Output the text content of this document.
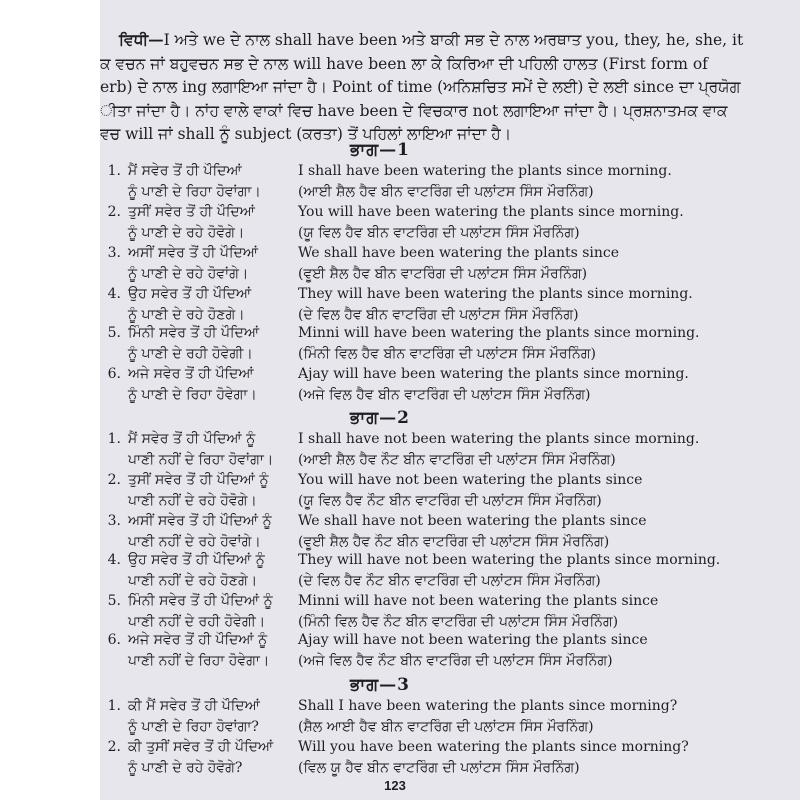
ਵਿਧੀ—I ਅਤੇ we ਦੇ ਨਾਲ shall have been ਅਤੇ ਬਾਕੀ ਸਭ ਦੇ ਨਾਲ ਅਰਥਾਤ you, they, he, she, it
ਕ ਵਚਨ ਜਾਂ ਬਹੁਵਚਨ ਸਭ ਦੇ ਨਾਲ will have been ਲਾ ਕੇ ਕਿਰਿਆ ਦੀ ਪਹਿਲੀ ਹਾਲਤ (First form of
erb) ਦੇ ਨਾਲ ing ਲਗਾਇਆ ਜਾਂਦਾ ਹੈ। Point of time (ਅਨਿਸ਼ਚਿਤ ਸਮੇਂ ਦੇ ਲਈ) ਦੇ ਲਈ since ਦਾ ਪ੍ਰਯੋਗ
ੀਤਾ ਜਾਂਦਾ ਹੈ। ਨਾਂਹ ਵਾਲੇ ਵਾਕਾਂ ਵਿਚ have been ਦੇ ਵਿਚਕਾਰ not ਲਗਾਇਆ ਜਾਂਦਾ ਹੈ। ਪ੍ਰਸ਼ਨਾਤਮਕ ਵਾਕ
ਵਚ will ਜਾਂ shall ਨੂੰ subject (ਕਰਤਾ) ਤੋਂ ਪਹਿਲਾਂ ਲਾਇਆ ਜਾਂਦਾ ਹੈ।
ਭਾਗ—1
1. ਮੈਂ ਸਵੇਰ ਤੋਂ ਹੀ ਪੌਦਿਆਂ	I shall have been watering the plants since morning.
ਨੂੰ ਪਾਣੀ ਦੇ ਰਿਹਾ ਹੋਵਾਂਗਾ।	(ਆਈ ਸ਼ੈਲ ਹੈਵ ਬੀਨ ਵਾਟਰਿੰਗ ਦੀ ਪਲਾਂਟਸ ਸਿੰਸ ਮੌਰਨਿੰਗ)
2. ਤੁਸੀਂ ਸਵੇਰ ਤੋਂ ਹੀ ਪੌਦਿਆਂ	You will have been watering the plants since morning.
ਨੂੰ ਪਾਣੀ ਦੇ ਰਹੇ ਹੋਵੋਗੇ।	(ਯੂ ਵਿਲ ਹੈਵ ਬੀਨ ਵਾਟਰਿੰਗ ਦੀ ਪਲਾਂਟਸ ਸਿੰਸ ਮੌਰਨਿੰਗ)
3. ਅਸੀਂ ਸਵੇਰ ਤੋਂ ਹੀ ਪੌਦਿਆਂ	We shall have been watering the plants since
ਨੂੰ ਪਾਣੀ ਦੇ ਰਹੇ ਹੋਵਾਂਗੇ।	(ਵੂਈ ਸ਼ੈਲ ਹੈਵ ਬੀਨ ਵਾਟਰਿੰਗ ਦੀ ਪਲਾਂਟਸ ਸਿੰਸ ਮੌਰਨਿੰਗ)
4. ਉਹ ਸਵੇਰ ਤੋਂ ਹੀ ਪੌਦਿਆਂ	They will have been watering the plants since morning.
ਨੂੰ ਪਾਣੀ ਦੇ ਰਹੇ ਹੋਣਗੇ।	(ਦੇ ਵਿਲ ਹੈਵ ਬੀਨ ਵਾਟਰਿੰਗ ਦੀ ਪਲਾਂਟਸ ਸਿੰਸ ਮੌਰਨਿੰਗ)
5. ਮਿੰਨੀ ਸਵੇਰ ਤੋਂ ਹੀ ਪੌਦਿਆਂ	Minni will have been watering the plants since morning.
ਨੂੰ ਪਾਣੀ ਦੇ ਰਹੀ ਹੋਵੇਗੀ।	(ਮਿੰਨੀ ਵਿਲ ਹੈਵ ਬੀਨ ਵਾਟਰਿੰਗ ਦੀ ਪਲਾਂਟਸ ਸਿੰਸ ਮੌਰਨਿੰਗ)
6. ਅਜੇ ਸਵੇਰ ਤੋਂ ਹੀ ਪੌਦਿਆਂ	Ajay will have been watering the plants since morning.
ਨੂੰ ਪਾਣੀ ਦੇ ਰਿਹਾ ਹੋਵੇਗਾ।	(ਅਜੇ ਵਿਲ ਹੈਵ ਬੀਨ ਵਾਟਰਿੰਗ ਦੀ ਪਲਾਂਟਸ ਸਿੰਸ ਮੌਰਨਿੰਗ)
ਭਾਗ—2
1. ਮੈਂ ਸਵੇਰ ਤੋਂ ਹੀ ਪੌਦਿਆਂ ਨੂੰ	I shall have not been watering the plants since morning.
ਪਾਣੀ ਨਹੀਂ ਦੇ ਰਿਹਾ ਹੋਵਾਂਗਾ। (ਆਈ ਸ਼ੈਲ ਹੈਵ ਨੌਟ ਬੀਨ ਵਾਟਰਿੰਗ ਦੀ ਪਲਾਂਟਸ ਸਿੰਸ ਮੌਰਨਿੰਗ)
2. ਤੁਸੀਂ ਸਵੇਰ ਤੋਂ ਹੀ ਪੌਦਿਆਂ ਨੂੰ You will have not been watering the plants since
ਪਾਣੀ ਨਹੀਂ ਦੇ ਰਹੇ ਹੋਵੋਗੇ।	(ਯੂ ਵਿਲ ਹੈਵ ਨੌਟ ਬੀਨ ਵਾਟਰਿੰਗ ਦੀ ਪਲਾਂਟਸ ਸਿੰਸ ਮੌਰਨਿੰਗ)
3. ਅਸੀਂ ਸਵੇਰ ਤੋਂ ਹੀ ਪੌਦਿਆਂ ਨੂੰ We shall have not been watering the plants since
ਪਾਣੀ ਨਹੀਂ ਦੇ ਰਹੇ ਹੋਵਾਂਗੇ।	(ਵੂਈ ਸ਼ੈਲ ਹੈਵ ਨੌਟ ਬੀਨ ਵਾਟਰਿੰਗ ਦੀ ਪਲਾਂਟਸ ਸਿੰਸ ਮੌਰਨਿੰਗ)
4. ਉਹ ਸਵੇਰ ਤੋਂ ਹੀ ਪੌਦਿਆਂ ਨੂੰ They will have not been watering the plants since morning.
ਪਾਣੀ ਨਹੀਂ ਦੇ ਰਹੇ ਹੋਣਗੇ।	(ਦੇ ਵਿਲ ਹੈਵ ਨੌਟ ਬੀਨ ਵਾਟਰਿੰਗ ਦੀ ਪਲਾਂਟਸ ਸਿੰਸ ਮੌਰਨਿੰਗ)
5. ਮਿੰਨੀ ਸਵੇਰ ਤੋਂ ਹੀ ਪੌਦਿਆਂ ਨੂੰ Minni will have not been watering the plants since
ਪਾਣੀ ਨਹੀਂ ਦੇ ਰਹੀ ਹੋਵੇਗੀ। (ਮਿੰਨੀ ਵਿਲ ਹੈਵ ਨੌਟ ਬੀਨ ਵਾਟਰਿੰਗ ਦੀ ਪਲਾਂਟਸ ਸਿੰਸ ਮੌਰਨਿੰਗ)
6. ਅਜੇ ਸਵੇਰ ਤੋਂ ਹੀ ਪੌਦਿਆਂ ਨੂੰ Ajay will have not been watering the plants since
ਪਾਣੀ ਨਹੀਂ ਦੇ ਰਿਹਾ ਹੋਵੇਗਾ। (ਅਜੇ ਵਿਲ ਹੈਵ ਨੌਟ ਬੀਨ ਵਾਟਰਿੰਗ ਦੀ ਪਲਾਂਟਸ ਸਿੰਸ ਮੌਰਨਿੰਗ)
ਭਾਗ—3
1. ਕੀ ਮੈਂ ਸਵੇਰ ਤੋਂ ਹੀ ਪੌਦਿਆਂ	Shall I have been watering the plants since morning?
ਨੂੰ ਪਾਣੀ ਦੇ ਰਿਹਾ ਹੋਵਾਂਗਾ?	(ਸ਼ੈਲ ਆਈ ਹੈਵ ਬੀਨ ਵਾਟਰਿੰਗ ਦੀ ਪਲਾਂਟਸ ਸਿੰਸ ਮੌਰਨਿੰਗ)
2. ਕੀ ਤੁਸੀਂ ਸਵੇਰ ਤੋਂ ਹੀ ਪੌਦਿਆਂ Will you have been watering the plants since morning?
ਨੂੰ ਪਾਣੀ ਦੇ ਰਹੇ ਹੋਵੋਗੇ?	(ਵਿਲ ਯੂ ਹੈਵ ਬੀਨ ਵਾਟਰਿੰਗ ਦੀ ਪਲਾਂਟਸ ਸਿੰਸ ਮੌਰਨਿੰਗ)
123
